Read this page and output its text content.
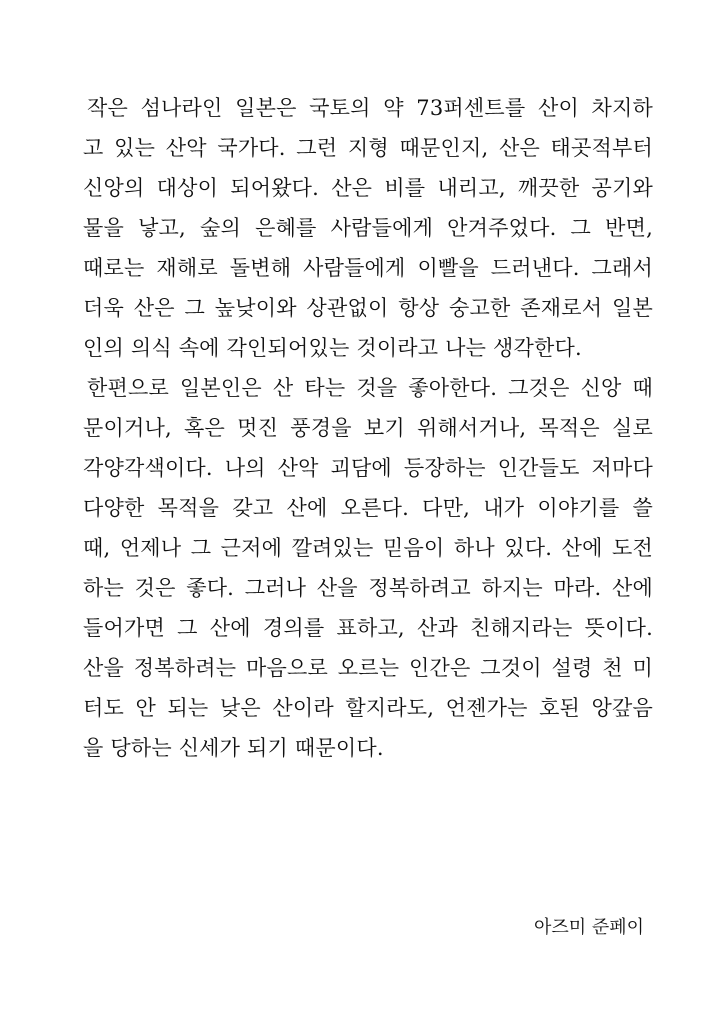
작은 섬나라인 일본은 국토의 약 73퍼센트를 산이 차지하
고 있는 산악 국가다. 그런 지형 때문인지, 산은 태곳적부터
신앙의 대상이 되어왔다. 산은 비를 내리고, 깨끗한 공기와
물을 낳고, 숲의 은혜를 사람들에게 안겨주었다. 그 반면,
때로는 재해로 돌변해 사람들에게 이빨을 드러낸다. 그래서
더욱 산은 그 높낮이와 상관없이 항상 숭고한 존재로서 일본
인의 의식 속에 각인되어있는 것이라고 나는 생각한다.
한편으로 일본인은 산 타는 것을 좋아한다. 그것은 신앙 때
문이거나, 혹은 멋진 풍경을 보기 위해서거나, 목적은 실로
각양각색이다. 나의 산악 괴담에 등장하는 인간들도 저마다
다양한 목적을 갖고 산에 오른다. 다만, 내가 이야기를 쓸
때, 언제나 그 근저에 깔려있는 믿음이 하나 있다. 산에 도전
하는 것은 좋다. 그러나 산을 정복하려고 하지는 마라. 산에
들어가면 그 산에 경의를 표하고, 산과 친해지라는 뜻이다.
산을 정복하려는 마음으로 오르는 인간은 그것이 설령 천 미
터도 안 되는 낮은 산이라 할지라도, 언젠가는 호된 앙갚음
을 당하는 신세가 되기 때문이다.
아즈미 준페이
